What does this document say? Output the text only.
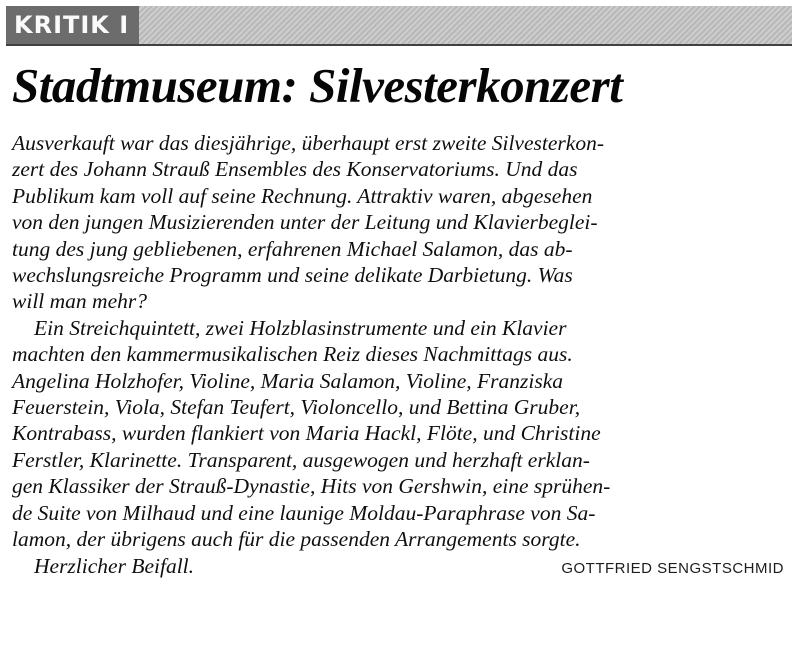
KRITIK I
Stadtmuseum: Silvesterkonzert

Ausverkauft war das diesjährige, überhaupt erst zweite Silvesterkon-
zert des Johann Strauß Ensembles des Konservatoriums. Und das
Publikum kam voll auf seine Rechnung. Attraktiv waren, abgesehen
von den jungen Musizierenden unter der Leitung und Klavierbeglei-
tung des jung gebliebenen, erfahrenen Michael Salamon, das ab-
wechslungsreiche Programm und seine delikate Darbietung. Was
will man mehr?

Ein Streichquintett, zwei Holzblasinstrumente und ein Klavier
machten den kammermusikalischen Reiz dieses Nachmittags aus.
Angelina Holzhofer, Violine, Maria Salamon, Violine, Franziska
Feuerstein, Viola, Stefan Teufert, Violoncello, und Bettina Gruber,
Kontrabass, wurden flankiert von Maria Hackl, Flöte, und Christine
Ferstler, Klarinette. Transparent, ausgewogen und herzhaft erklan-
gen Klassiker der Strauß-Dynastie, Hits von Gershwin, eine sprühen-
de Suite von Milhaud und eine launige Moldau-Paraphrase von Sa-
lamon, der übrigens auch für die passenden Arrangements sorgte.
Herzlicher Beifall.	GOTTFRIED SENGSTSCHMID
